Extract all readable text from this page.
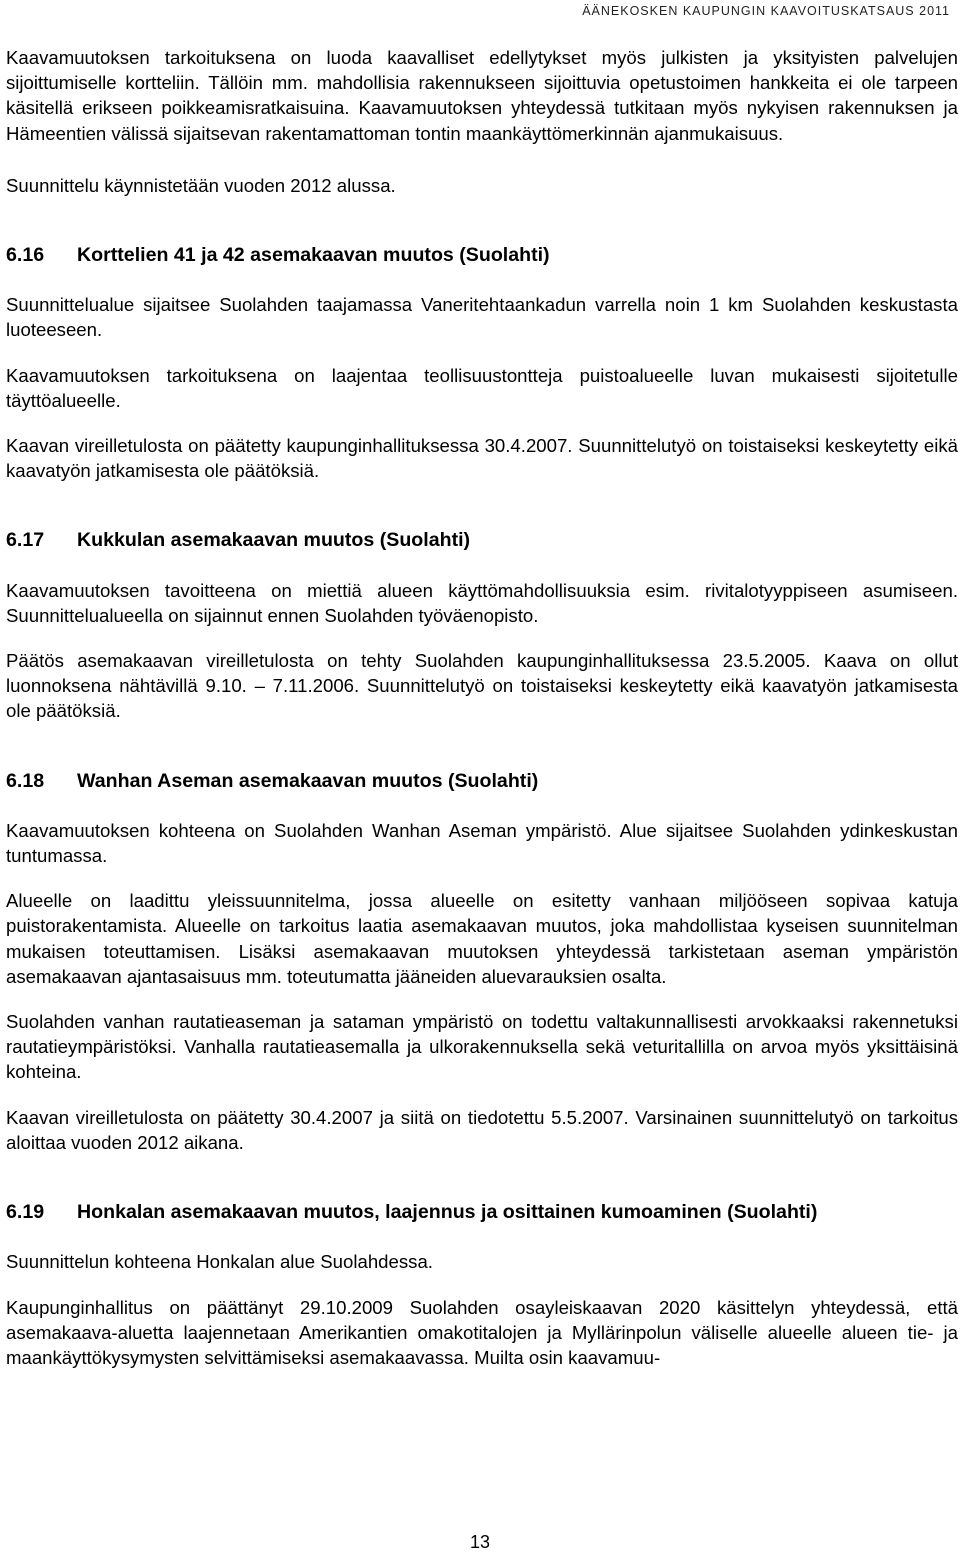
ÄÄNEKOSKEN KAUPUNGIN KAAVOITUSKATSAUS 2011

Kaavamuutoksen tarkoituksena on luoda kaavalliset edellytykset myös julkisten ja yksityisten palvelujen sijoittumiselle kortteliin. Tällöin mm. mahdollisia rakennukseen sijoittuvia opetustoimen hankkeita ei ole tarpeen käsitellä erikseen poikkeamisratkaisuina. Kaavamuutoksen yhteydessä tutkitaan myös nykyisen rakennuksen ja Hämeentien välissä sijaitsevan rakentamattoman tontin maankäyttömerkinnän ajanmukaisuus.

Suunnittelu käynnistetään vuoden 2012 alussa.

6.16	Korttelien 41 ja 42 asemakaavan muutos (Suolahti)

Suunnittelualue sijaitsee Suolahden taajamassa Vaneritehtaankadun varrella noin 1 km Suolahden keskustasta luoteeseen.

Kaavamuutoksen tarkoituksena on laajentaa teollisuustontteja puistoalueelle luvan mukaisesti sijoitetulle täyttöalueelle.

Kaavan vireilletulosta on päätetty kaupunginhallituksessa 30.4.2007. Suunnittelutyö on toistaiseksi keskeytetty eikä kaavatyön jatkamisesta ole päätöksiä.

6.17	Kukkulan asemakaavan muutos (Suolahti)

Kaavamuutoksen tavoitteena on miettiä alueen käyttömahdollisuuksia esim. rivitalotyyppiseen asumiseen. Suunnittelualueella on sijainnut ennen Suolahden työväenopisto.

Päätös asemakaavan vireilletulosta on tehty Suolahden kaupunginhallituksessa 23.5.2005. Kaava on ollut luonnoksena nähtävillä 9.10. – 7.11.2006. Suunnittelutyö on toistaiseksi keskeytetty eikä kaavatyön jatkamisesta ole päätöksiä.

6.18	Wanhan Aseman asemakaavan muutos (Suolahti)

Kaavamuutoksen kohteena on Suolahden Wanhan Aseman ympäristö. Alue sijaitsee Suolahden ydinkeskustan tuntumassa.

Alueelle on laadittu yleissuunnitelma, jossa alueelle on esitetty vanhaan miljööseen sopivaa katuja puistorakentamista. Alueelle on tarkoitus laatia asemakaavan muutos, joka mahdollistaa kyseisen suunnitelman mukaisen toteuttamisen. Lisäksi asemakaavan muutoksen yhteydessä tarkistetaan aseman ympäristön asemakaavan ajantasaisuus mm. toteutumatta jääneiden aluevarauksien osalta.

Suolahden vanhan rautatieaseman ja sataman ympäristö on todettu valtakunnallisesti arvokkaaksi rakennetuksi rautatieympäristöksi. Vanhalla rautatieasemalla ja ulkorakennuksella sekä veturitallilla on arvoa myös yksittäisinä kohteina.

Kaavan vireilletulosta on päätetty 30.4.2007 ja siitä on tiedotettu 5.5.2007. Varsinainen suunnittelutyö on tarkoitus aloittaa vuoden 2012 aikana.

6.19	Honkalan asemakaavan muutos, laajennus ja osittainen kumoaminen (Suolahti)

Suunnittelun kohteena Honkalan alue Suolahdessa.

Kaupunginhallitus on päättänyt 29.10.2009 Suolahden osayleiskaavan 2020 käsittelyn yhteydessä, että asemakaava-aluetta laajennetaan Amerikantien omakotitalojen ja Myllärinpolun väliselle alueelle alueen tie- ja maankäyttökysymysten selvittämiseksi asemakaavassa. Muilta osin kaavamuu-

13
